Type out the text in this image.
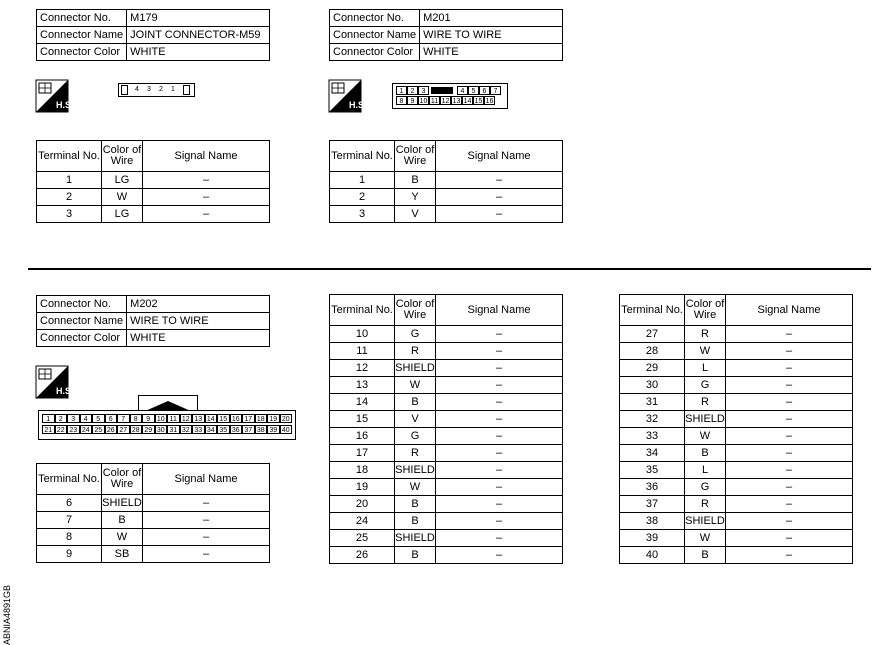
Connector No.	M179
Connector Name	JOINT CONNECTOR-M59
Connector Color	WHITE
H.S.
4	3	2	1
Terminal No.	Color of Wire	Signal Name
1	LG	–
2	W	–
3	LG	–
Connector No.	M201
Connector Name	WIRE TO WIRE
Connector Color	WHITE
H.S.
1	2	3	4	5	6	7
8	9 10 11 12 13 14 15 16
Terminal No.	Color of Wire	Signal Name
1	B	–
2	Y	–
3	V	–
Connector No.	M202
Connector Name	WIRE TO WIRE
Connector Color	WHITE
H.S.
1	2	3	4	5	6	7	8	9 10 11 12 13 14 15 16 17 18 19 20
21 22 23 24 25 26 27 28 29 30 31 32 33 34 35 36 37 38 39 40
Terminal No.	Color of Wire	Signal Name
6	SHIELD	–
7	B	–
8	W	–
9	SB	–
Terminal No.	Color of Wire	Signal Name
10	G	–
11	R	–
12	SHIELD	–
13	W	–
14	B	–
15	V	–
16	G	–
17	R	–
18	SHIELD	–
19	W	–
20	B	–
24	B	–
25	SHIELD	–
26	B	–
Terminal No.	Color of Wire	Signal Name
27	R	–
28	W	–
29	L	–
30	G	–
31	R	–
32	SHIELD	–
33	W	–
34	B	–
35	L	–
36	G	–
37	R	–
38	SHIELD	–
39	W	–
40	B	–
ABNIA4891GB
